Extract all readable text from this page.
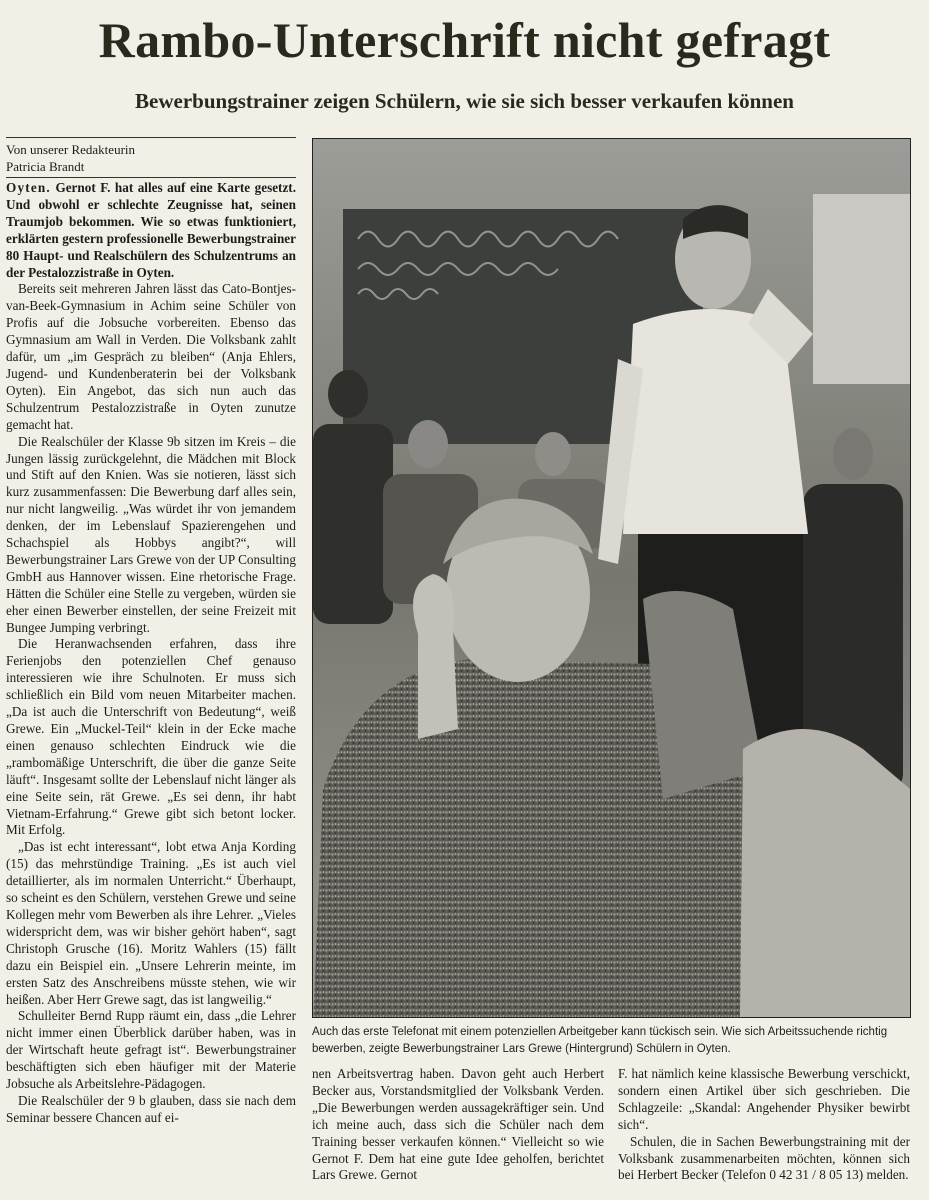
Rambo-Unterschrift nicht gefragt
Bewerbungstrainer zeigen Schülern, wie sie sich besser verkaufen können
Von unserer Redakteurin
Patricia Brandt

Oyten. Gernot F. hat alles auf eine Karte gesetzt. Und obwohl er schlechte Zeugnisse hat, seinen Traumjob bekommen. Wie so etwas funktioniert, erklärten gestern professionelle Bewerbungstrainer 80 Haupt- und Realschülern des Schulzentrums an der Pestalozzistraße in Oyten.

Bereits seit mehreren Jahren lässt das Cato-Bontjes-van-Beek-Gymnasium in Achim seine Schüler von Profis auf die Jobsuche vorbereiten. Ebenso das Gymnasium am Wall in Verden. Die Volksbank zahlt dafür, um „im Gespräch zu bleiben“ (Anja Ehlers, Jugend- und Kundenberaterin bei der Volksbank Oyten). Ein Angebot, das sich nun auch das Schulzentrum Pestalozzistraße in Oyten zunutze gemacht hat.

Die Realschüler der Klasse 9b sitzen im Kreis – die Jungen lässig zurückgelehnt, die Mädchen mit Block und Stift auf den Knien. Was sie notieren, lässt sich kurz zusammenfassen: Die Bewerbung darf alles sein, nur nicht langweilig. „Was würdet ihr von jemandem denken, der im Lebenslauf Spazierengehen und Schachspiel als Hobbys angibt?“, will Bewerbungstrainer Lars Grewe von der UP Consulting GmbH aus Hannover wissen. Eine rhetorische Frage. Hätten die Schüler eine Stelle zu vergeben, würden sie eher einen Bewerber einstellen, der seine Freizeit mit Bungee Jumping verbringt.

Die Heranwachsenden erfahren, dass ihre Ferienjobs den potenziellen Chef genauso interessieren wie ihre Schulnoten. Er muss sich schließlich ein Bild vom neuen Mitarbeiter machen. „Da ist auch die Unterschrift von Bedeutung“, weiß Grewe. Ein „Muckel-Teil“ klein in der Ecke mache einen genauso schlechten Eindruck wie die „rambomäßige Unterschrift, die über die ganze Seite läuft“. Insgesamt sollte der Lebenslauf nicht länger als eine Seite sein, rät Grewe. „Es sei denn, ihr habt Vietnam-Erfahrung.“ Grewe gibt sich betont locker. Mit Erfolg.

„Das ist echt interessant“, lobt etwa Anja Kording (15) das mehrstündige Training. „Es ist auch viel detaillierter, als im normalen Unterricht.“ Überhaupt, so scheint es den Schülern, verstehen Grewe und seine Kollegen mehr vom Bewerben als ihre Lehrer. „Vieles widerspricht dem, was wir bisher gehört haben“, sagt Christoph Grusche (16). Moritz Wahlers (15) fällt dazu ein Beispiel ein. „Unsere Lehrerin meinte, im ersten Satz des Anschreibens müsste stehen, wie wir heißen. Aber Herr Grewe sagt, das ist langweilig.“

Schulleiter Bernd Rupp räumt ein, dass „die Lehrer nicht immer einen Überblick darüber haben, was in der Wirtschaft heute gefragt ist“. Bewerbungstrainer beschäftigten sich eben häufiger mit der Materie Jobsuche als Arbeitslehre-Pädagogen.

Die Realschüler der 9 b glauben, dass sie nach dem Seminar bessere Chancen auf ei-

Auch das erste Telefonat mit einem potenziellen Arbeitgeber kann tückisch sein. Wie sich Arbeitssuchende richtig bewerben, zeigte Bewerbungstrainer Lars Grewe (Hintergrund) Schülern in Oyten.

nen Arbeitsvertrag haben. Davon geht auch Herbert Becker aus, Vorstandsmitglied der Volksbank Verden. „Die Bewerbungen werden aussagekräftiger sein. Und ich meine auch, dass sich die Schüler nach dem Training besser verkaufen können.“ Vielleicht so wie Gernot F. Dem hat eine gute Idee geholfen, berichtet Lars Grewe. Gernot

F. hat nämlich keine klassische Bewerbung verschickt, sondern einen Artikel über sich geschrieben. Die Schlagzeile: „Skandal: Angehender Physiker bewirbt sich“.

Schulen, die in Sachen Bewerbungstraining mit der Volksbank zusammenarbeiten möchten, können sich bei Herbert Becker (Telefon 0 42 31 / 8 05 13) melden.
